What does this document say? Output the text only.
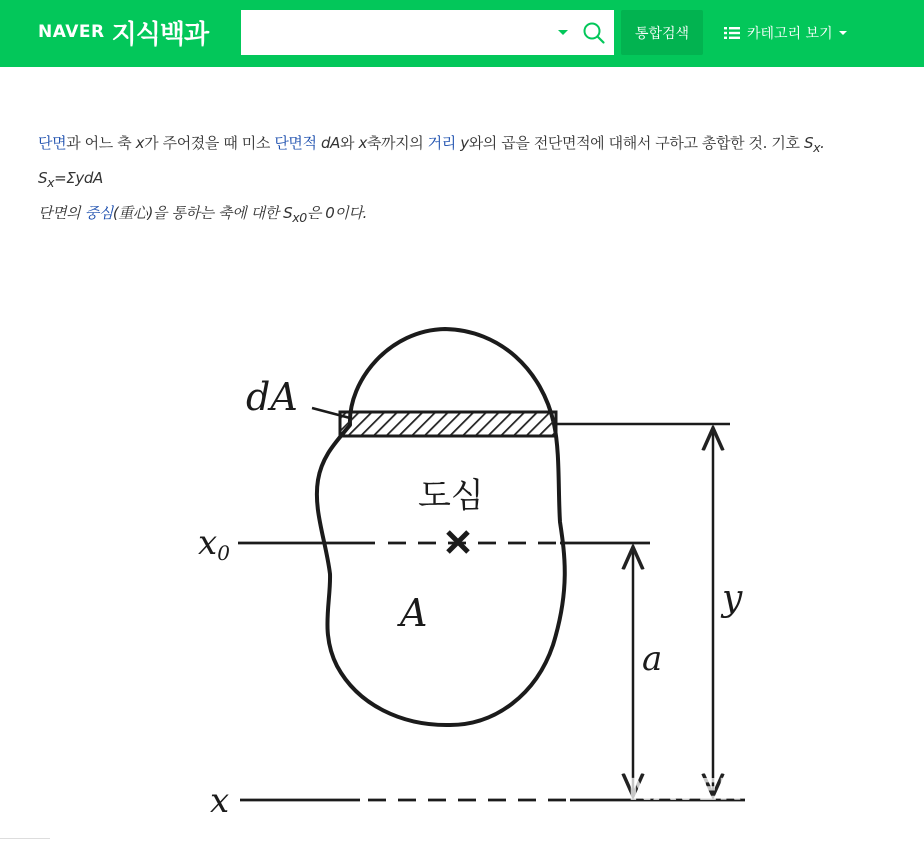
NAVER 지식백과	통합검색	카테고리 보기

단면과 어느 축 x가 주어졌을 때 미소 단면적 dA와 x축까지의 거리 y와의 곱을 전단면적에 대해서 구하고 총합한 것. 기호 $S_x$.

$S_x=\Sigma ydA$

단면의 중심(重心)을 통하는 축에 대한 $S_{x0}$은 0이다.

dA
도심
x0
A
a
y
x	NAVER
